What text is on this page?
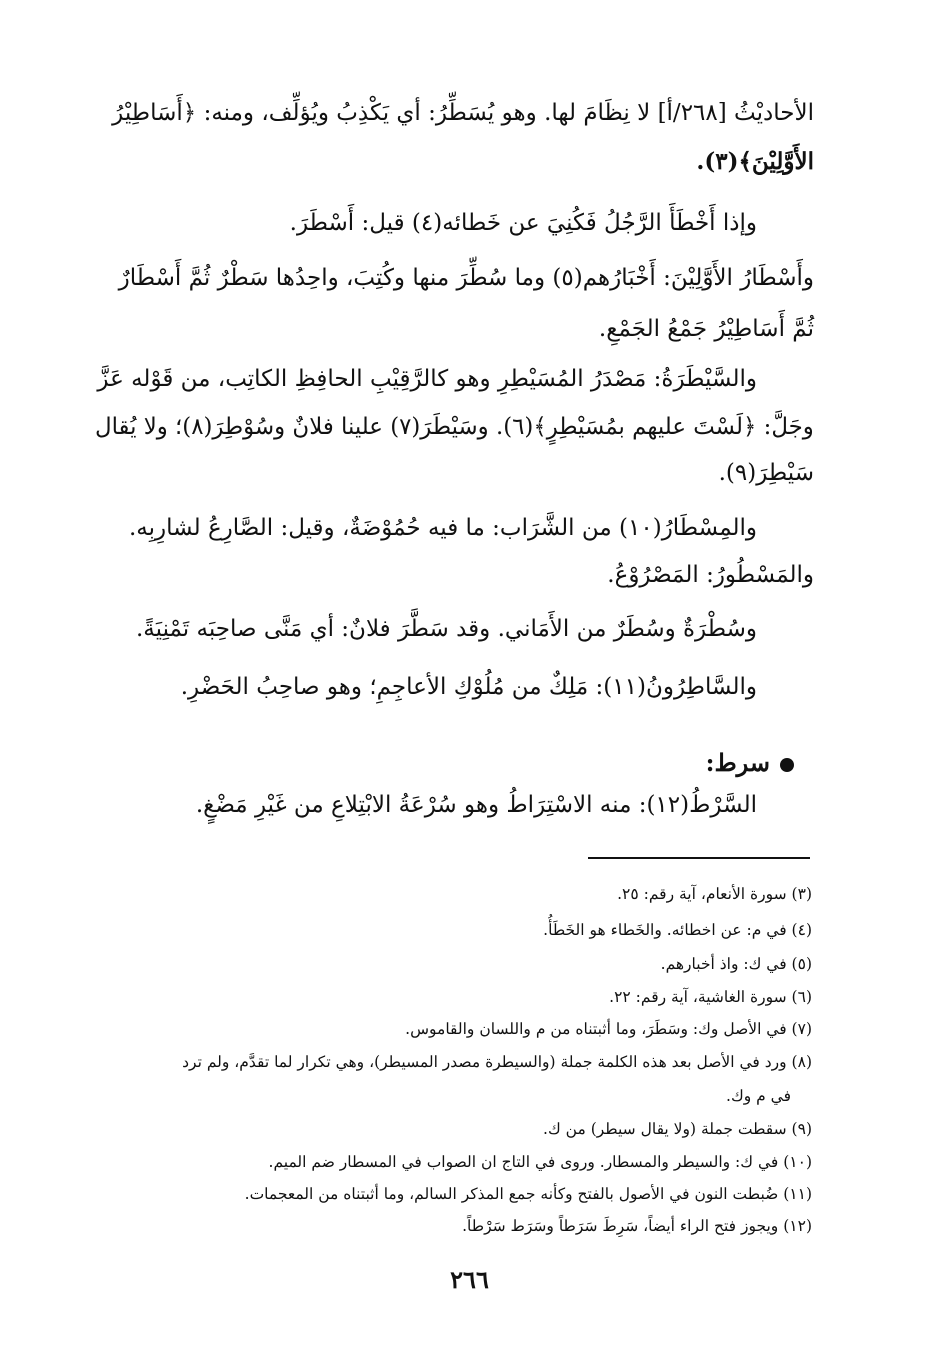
الأحاديْثُ [٢٦٨/أ] لا نِظَامَ لها. وهو يُسَطِّرُ: أي يَكْذِبُ ويُؤلِّف، ومنه: ﴿أَسَاطِيْرُ
الأَوَّلِيْنَ﴾(٣).
وإذا أَخْطَأَ الرَّجُلُ فَكُنِيَ عن خَطائه(٤) قيل: أَسْطَرَ.
وأَسْطَارُ الأَوَّلِيْنَ: أَخْبَارُهم(٥) وما سُطِّرَ منها وكُتِبَ، واحِدُها سَطْرٌ ثُمَّ أَسْطَارٌ
ثُمَّ أَسَاطِيْرُ جَمْعُ الجَمْعِ.
والسَّيْطَرَةُ: مَصْدَرُ المُسَيْطِرِ وهو كالرَّقِيْبِ الحافِظِ الكاتِب، من قَوْله عَزَّ
وجَلَّ: ﴿لَسْتَ عليهم بمُسَيْطِرٍ﴾(٦). وسَيْطَرَ(٧) علينا فلانٌ وسُوْطِرَ(٨)؛ ولا يُقال
سَيْطِرَ(٩).
والمِسْطَارُ(١٠) من الشَّرَاب: ما فيه حُمُوْضَةٌ، وقيل: الصَّارِعُ لشارِبِه.
والمَسْطُورُ: المَصْرُوْعُ.
وسُطْرَةٌ وسُطَرٌ من الأَمَاني. وقد سَطَّرَ فلانٌ: أي مَنَّى صاحِبَه تَمْنِيَةً.
والسَّاطِرُونُ(١١): مَلِكٌ من مُلُوْكِ الأعاجِمِ؛ وهو صاحِبُ الحَضْرِ.
سرط:
السَّرْطُ(١٢): منه الاسْتِرَاطُ وهو سُرْعَةُ الابْتِلاعِ من غَيْرِ مَضْغٍ.
(٣) سورة الأنعام، آية رقم: ٢٥.
(٤) في م: عن اخطائه. والخَطاء هو الخَطَأُ.
(٥) في ك: واذ أخبارهم.
(٦) سورة الغاشية، آية رقم: ٢٢.
(٧) في الأصل وك: وسَطَرَ، وما أثبتناه من م واللسان والقاموس.
(٨) ورد في الأصل بعد هذه الكلمة جملة (والسيطرة مصدر المسيطر)، وهي تكرار لما تقدَّم، ولم ترد
في م وك.
(٩) سقطت جملة (ولا يقال سيطر) من ك.
(١٠) في ك: والسيطر والمسطار. وروى في التاج ان الصواب في المسطار ضم الميم.
(١١) ضُبطت النون في الأصول بالفتح وكأنه جمع المذكر السالم، وما أثبتناه من المعجمات.
(١٢) ويجوز فتح الراء أيضاً، سَرِطَ سَرَطاً وسَرَط سَرْطاً.
٢٦٦
